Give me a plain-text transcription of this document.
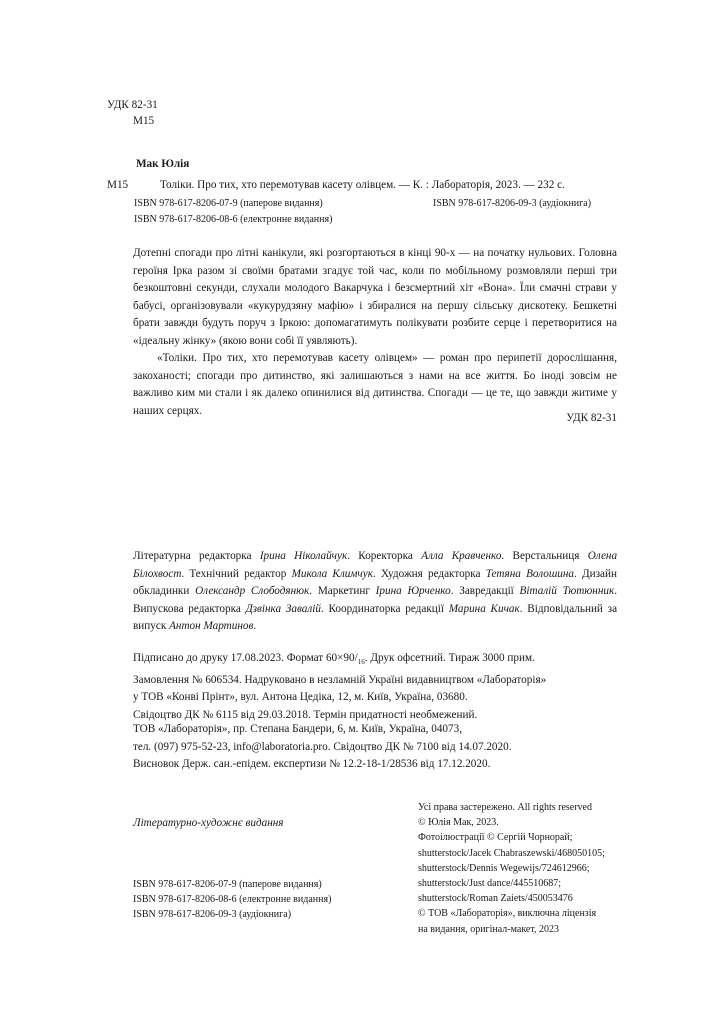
УДК 82-31
М15
Мак Юлія
М15	Толіки. Про тих, хто перемотував касету олівцем. — К. : Лабораторія, 2023. — 232 с.
ISBN 978-617-8206-07-9 (паперове видання)	ISBN 978-617-8206-09-3 (аудіокнига)
ISBN 978-617-8206-08-6 (електронне видання)

Дотепні спогади про літні канікули, які розгортаються в кінці 90-х — на початку нульових. Головна героїня Ірка разом зі своїми братами згадує той час, коли по мобільному розмовляли перші три безкоштовні секунди, слухали молодого Вакарчука і безсмертний хіт «Вона». Їли смачні страви у бабусі, організовували «кукурудзяну мафію» і збиралися на першу сільську дискотеку. Бешкетні брати завжди будуть поруч з Іркою: допомагатимуть полікувати розбите серце і перетворитися на «ідеальну жінку» (якою вони собі її уявляють).

«Толіки. Про тих, хто перемотував касету олівцем» — роман про перипетії дорослішання, закоханості; спогади про дитинство, які залишаються з нами на все життя. Бо іноді зовсім не важливо ким ми стали і як далеко опинилися від дитинства. Спогади — це те, що завжди житиме у наших серцях.

УДК 82-31
Літературна редакторка Ірина Ніколайчук. Коректорка Алла Кравченко. Верстальниця Олена Білохвост. Технічний редактор Микола Климчук. Художня редакторка Тетяна Волошина. Дизайн обкладинки Олександр Слободянюк. Маркетинг Ірина Юрченко. Завредакції Віталій Тютюнник. Випускова редакторка Дзвінка Завалій. Координаторка редакції Марина Кичак. Відповідальний за випуск Антон Мартинов.
Підписано до друку 17.08.2023. Формат $60\times 90/_{16}$. Друк офсетний. Тираж 3000 прим.
Замовлення № 606534. Надруковано в незламній Україні видавництвом «Лабораторія»
у ТОВ «Конві Прінт», вул. Антона Цедіка, 12, м. Київ, Україна, 03680.
Свідоцтво ДК № 6115 від 29.03.2018. Термін придатності необмежений.
ТОВ «Лабораторія», пр. Степана Бандери, 6, м. Київ, Україна, 04073,
тел. (097) 975-52-23, info@laboratoria.pro. Свідоцтво ДК № 7100 від 14.07.2020.
Висновок Держ. сан.-епідем. експертизи № 12.2-18-1/28536 від 17.12.2020.
Літературно-художнє видання
ISBN 978-617-8206-07-9 (паперове видання)
ISBN 978-617-8206-08-6 (електронне видання)
ISBN 978-617-8206-09-3 (аудіокнига)
Усі права застережено. All rights reserved
© Юлія Мак, 2023.
Фотоілюстрації © Сергій Чорнорай;
shutterstock/Jacek Chabraszewski/468050105;
shutterstock/Dennis Wegewijs/724612966;
shutterstock/Just dance/445510687;
shutterstock/Roman Zaiets/450053476
© ТОВ «Лабораторія», виключна ліцензія
на видання, оригінал-макет, 2023
